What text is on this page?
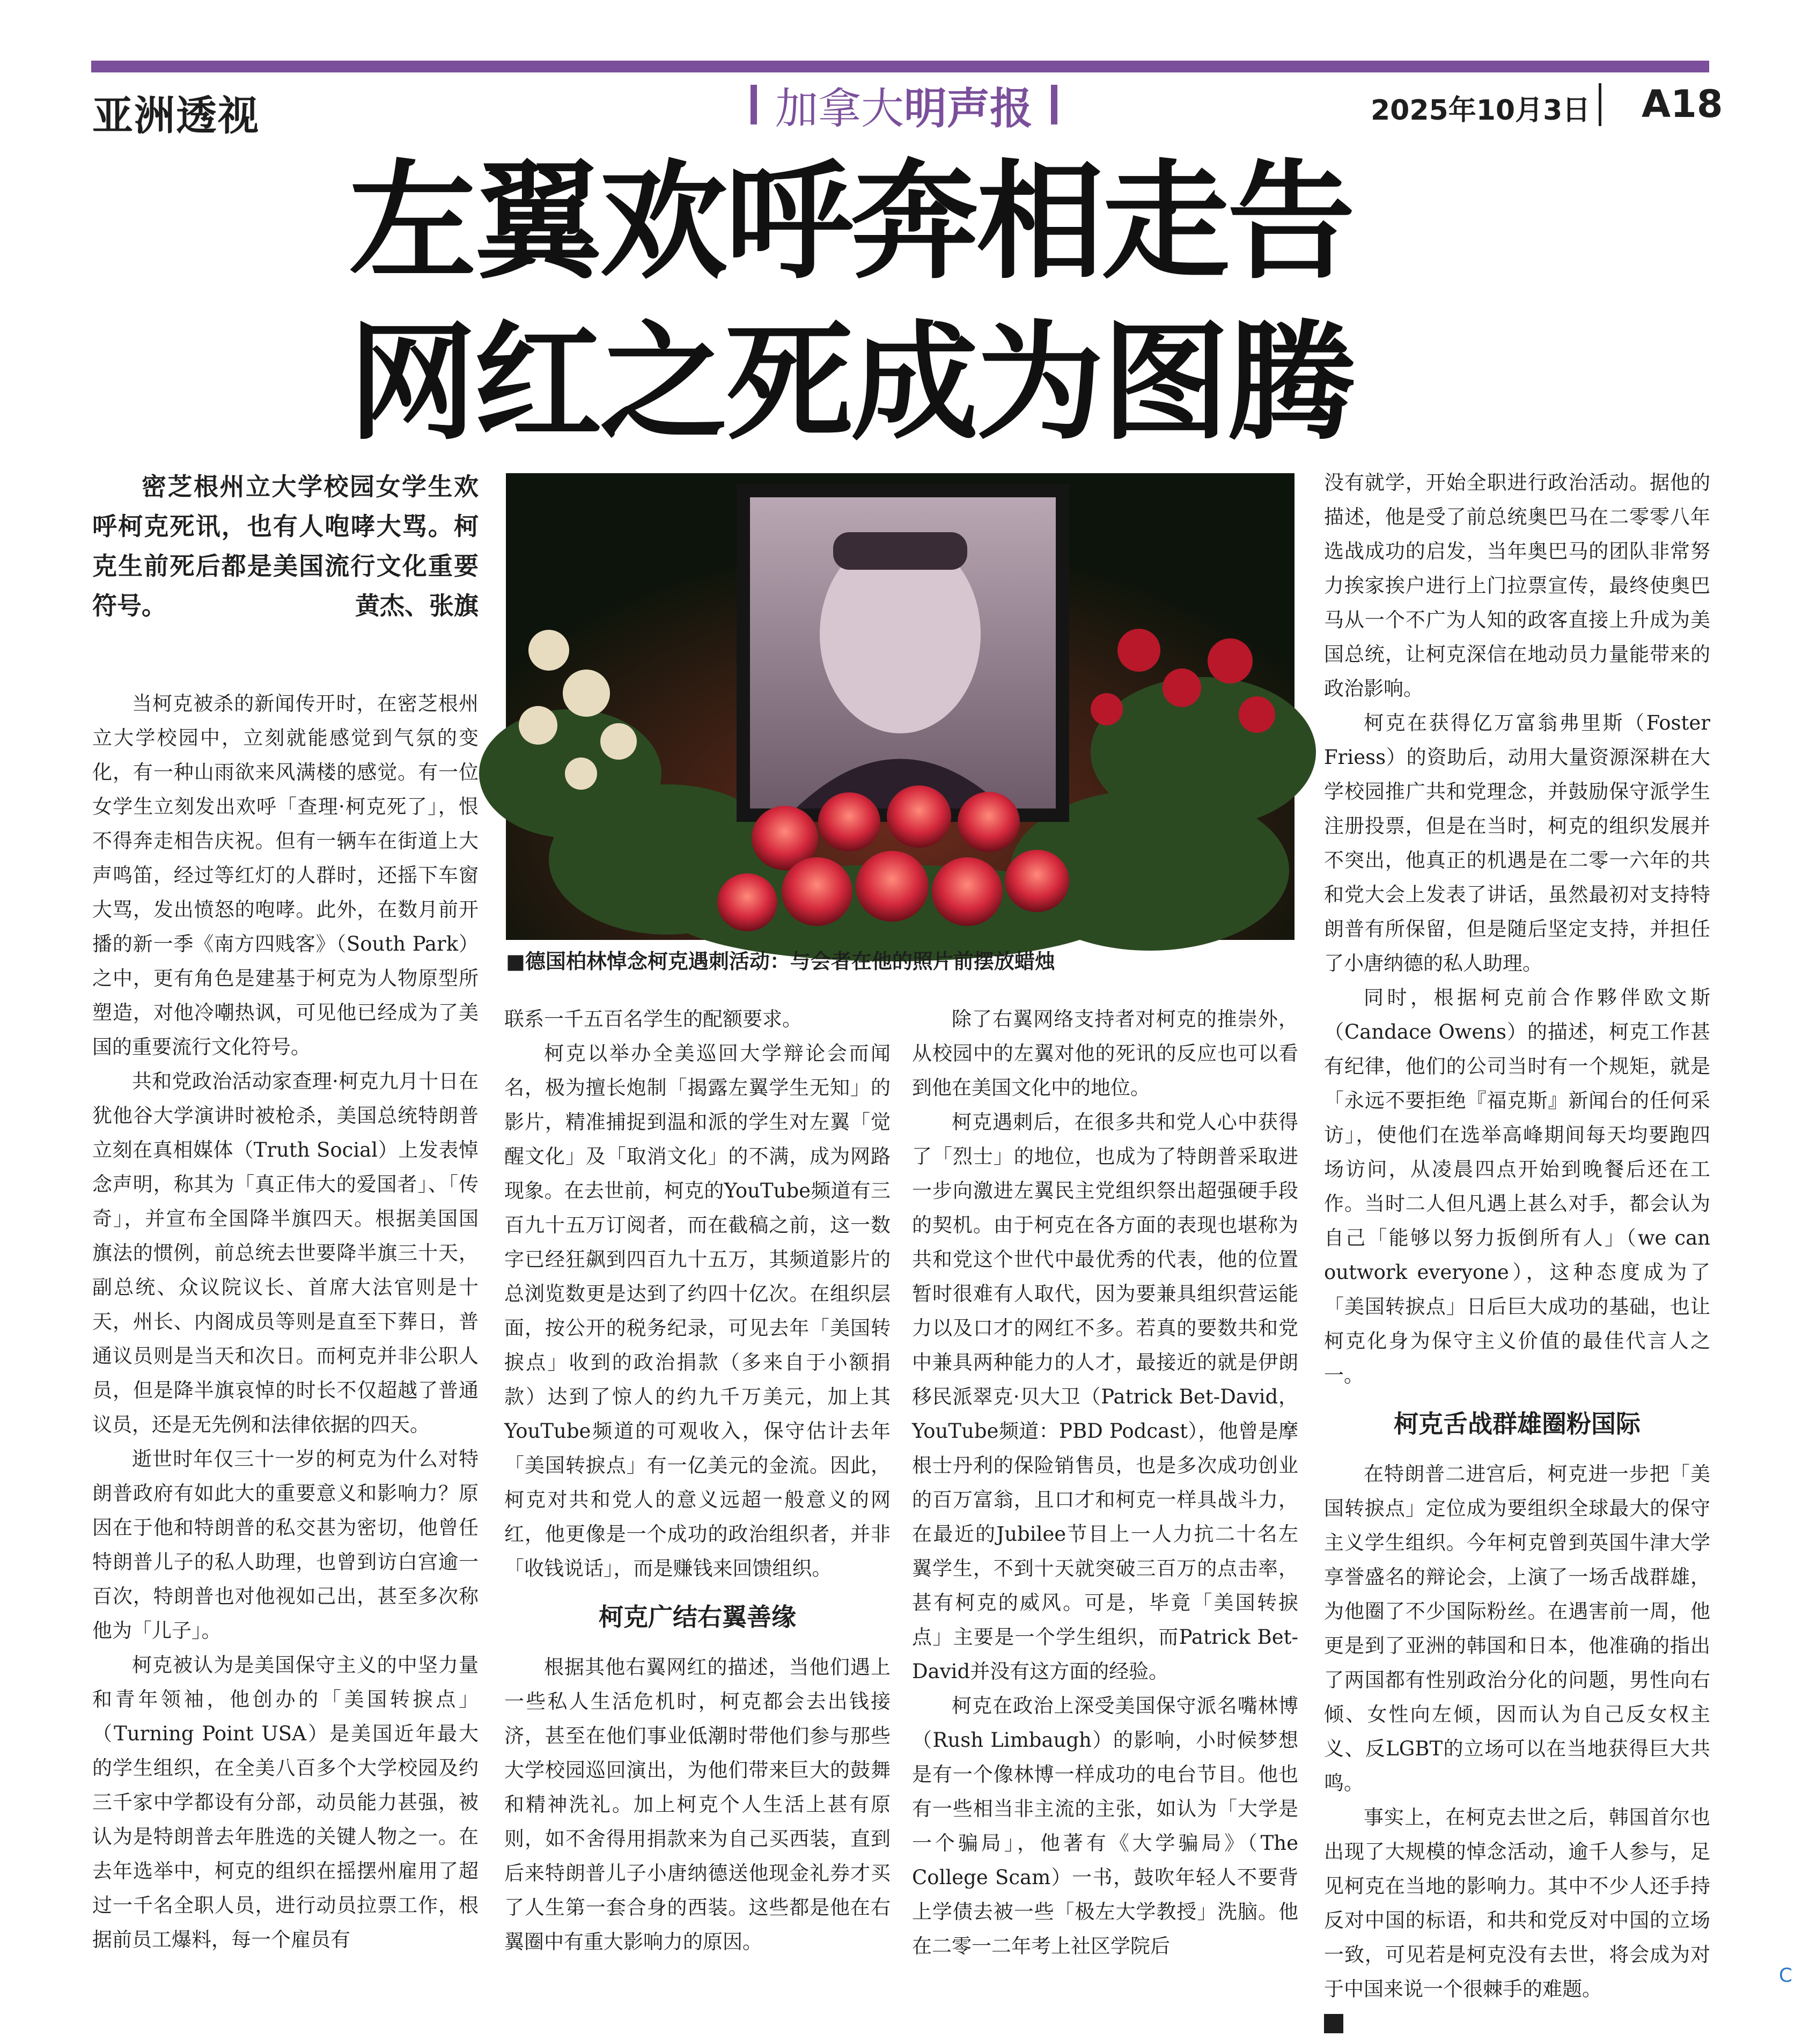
亚洲透视	加拿大 明声报	2025年10月3日 A18
左翼欢呼奔相走告
网红之死成为图腾
密芝根州立大学校园女学生欢呼柯克死讯，也有人咆哮大骂。柯克生前死后都是美国流行文化重要符号。	黄杰、张旗
■德国柏林悼念柯克遇刺活动：与会者在他的照片前摆放蜡烛

当柯克被杀的新闻传开时，在密芝根州立大学校园中，立刻就能感觉到气氛的变化，有一种山雨欲来风满楼的感觉。有一位女学生立刻发出欢呼「查理·柯克死了」，恨不得奔走相告庆祝。但有一辆车在街道上大声鸣笛，经过等红灯的人群时，还摇下车窗大骂，发出愤怒的咆哮。此外，在数月前开播的新一季《南方四贱客》（South Park）之中，更有角色是建基于柯克为人物原型所塑造，对他冷嘲热讽，可见他已经成为了美国的重要流行文化符号。

共和党政治活动家查理·柯克九月十日在犹他谷大学演讲时被枪杀，美国总统特朗普立刻在真相媒体（Truth Social）上发表悼念声明，称其为「真正伟大的爱国者」、「传奇」，并宣布全国降半旗四天。根据美国国旗法的惯例，前总统去世要降半旗三十天，副总统、众议院议长、首席大法官则是十天，州长、内阁成员等则是直至下葬日，普通议员则是当天和次日。而柯克并非公职人员，但是降半旗哀悼的时长不仅超越了普通议员，还是无先例和法律依据的四天。

逝世时年仅三十一岁的柯克为什么对特朗普政府有如此大的重要意义和影响力？原因在于他和特朗普的私交甚为密切，他曾任特朗普儿子的私人助理，也曾到访白宫逾一百次，特朗普也对他视如己出，甚至多次称他为「儿子」。

柯克被认为是美国保守主义的中坚力量和青年领袖，他创办的「美国转捩点」（Turning Point USA）是美国近年最大的学生组织，在全美八百多个大学校园及约三千家中学都设有分部，动员能力甚强，被认为是特朗普去年胜选的关键人物之一。在去年选举中，柯克的组织在摇摆州雇用了超过一千名全职人员，进行动员拉票工作，根据前员工爆料，每一个雇员有

联系一千五百名学生的配额要求。

柯克以举办全美巡回大学辩论会而闻名，极为擅长炮制「揭露左翼学生无知」的影片，精准捕捉到温和派的学生对左翼「觉醒文化」及「取消文化」的不满，成为网路现象。在去世前，柯克的YouTube频道有三百九十五万订阅者，而在截稿之前，这一数字已经狂飙到四百九十五万，其频道影片的总浏览数更是达到了约四十亿次。在组织层面，按公开的税务纪录，可见去年「美国转捩点」收到的政治捐款（多来自于小额捐款）达到了惊人的约九千万美元，加上其YouTube频道的可观收入，保守估计去年「美国转捩点」有一亿美元的金流。因此，柯克对共和党人的意义远超一般意义的网红，他更像是一个成功的政治组织者，并非「收钱说话」，而是赚钱来回馈组织。

柯克广结右翼善缘

根据其他右翼网红的描述，当他们遇上一些私人生活危机时，柯克都会去出钱接济，甚至在他们事业低潮时带他们参与那些大学校园巡回演出，为他们带来巨大的鼓舞和精神洗礼。加上柯克个人生活上甚有原则，如不舍得用捐款来为自己买西装，直到后来特朗普儿子小唐纳德送他现金礼券才买了人生第一套合身的西装。这些都是他在右翼圈中有重大影响力的原因。

除了右翼网络支持者对柯克的推崇外，从校园中的左翼对他的死讯的反应也可以看到他在美国文化中的地位。

柯克遇刺后，在很多共和党人心中获得了「烈士」的地位，也成为了特朗普采取进一步向激进左翼民主党组织祭出超强硬手段的契机。由于柯克在各方面的表现也堪称为共和党这个世代中最优秀的代表，他的位置暂时很难有人取代，因为要兼具组织营运能力以及口才的网红不多。若真的要数共和党中兼具两种能力的人才，最接近的就是伊朗移民派翠克·贝大卫（Patrick Bet-David，YouTube频道：PBD Podcast），他曾是摩根士丹利的保险销售员，也是多次成功创业的百万富翁，且口才和柯克一样具战斗力，在最近的Jubilee节目上一人力抗二十名左翼学生，不到十天就突破三百万的点击率，甚有柯克的威风。可是，毕竟「美国转捩点」主要是一个学生组织，而Patrick Bet-David并没有这方面的经验。

柯克在政治上深受美国保守派名嘴林博（Rush Limbaugh）的影响，小时候梦想是有一个像林博一样成功的电台节目。他也有一些相当非主流的主张，如认为「大学是一个骗局」，他著有《大学骗局》（The College Scam）一书，鼓吹年轻人不要背上学债去被一些「极左大学教授」洗脑。他在二零一二年考上社区学院后

没有就学，开始全职进行政治活动。据他的描述，他是受了前总统奥巴马在二零零八年选战成功的启发，当年奥巴马的团队非常努力挨家挨户进行上门拉票宣传，最终使奥巴马从一个不广为人知的政客直接上升成为美国总统，让柯克深信在地动员力量能带来的政治影响。

柯克在获得亿万富翁弗里斯（Foster Friess）的资助后，动用大量资源深耕在大学校园推广共和党理念，并鼓励保守派学生注册投票，但是在当时，柯克的组织发展并不突出，他真正的机遇是在二零一六年的共和党大会上发表了讲话，虽然最初对支持特朗普有所保留，但是随后坚定支持，并担任了小唐纳德的私人助理。

同时，根据柯克前合作夥伴欧文斯（Candace Owens）的描述，柯克工作甚有纪律，他们的公司当时有一个规矩，就是「永远不要拒绝『福克斯』新闻台的任何采访」，使他们在选举高峰期间每天均要跑四场访问，从凌晨四点开始到晚餐后还在工作。当时二人但凡遇上甚么对手，都会认为自己「能够以努力扳倒所有人」（we can outwork everyone），这种态度成为了「美国转捩点」日后巨大成功的基础，也让柯克化身为保守主义价值的最佳代言人之一。

柯克舌战群雄圈粉国际

在特朗普二进宫后，柯克进一步把「美国转捩点」定位成为要组织全球最大的保守主义学生组织。今年柯克曾到英国牛津大学享誉盛名的辩论会，上演了一场舌战群雄，为他圈了不少国际粉丝。在遇害前一周，他更是到了亚洲的韩国和日本，他准确的指出了两国都有性别政治分化的问题，男性向右倾、女性向左倾，因而认为自己反女权主义、反LGBT的立场可以在当地获得巨大共鸣。

事实上，在柯克去世之后，韩国首尔也出现了大规模的悼念活动，逾千人参与，足见柯克在当地的影响力。其中不少人还手持反对中国的标语，和共和党反对中国的立场一致，可见若是柯克没有去世，将会成为对于中国来说一个很棘手的难题。

C
